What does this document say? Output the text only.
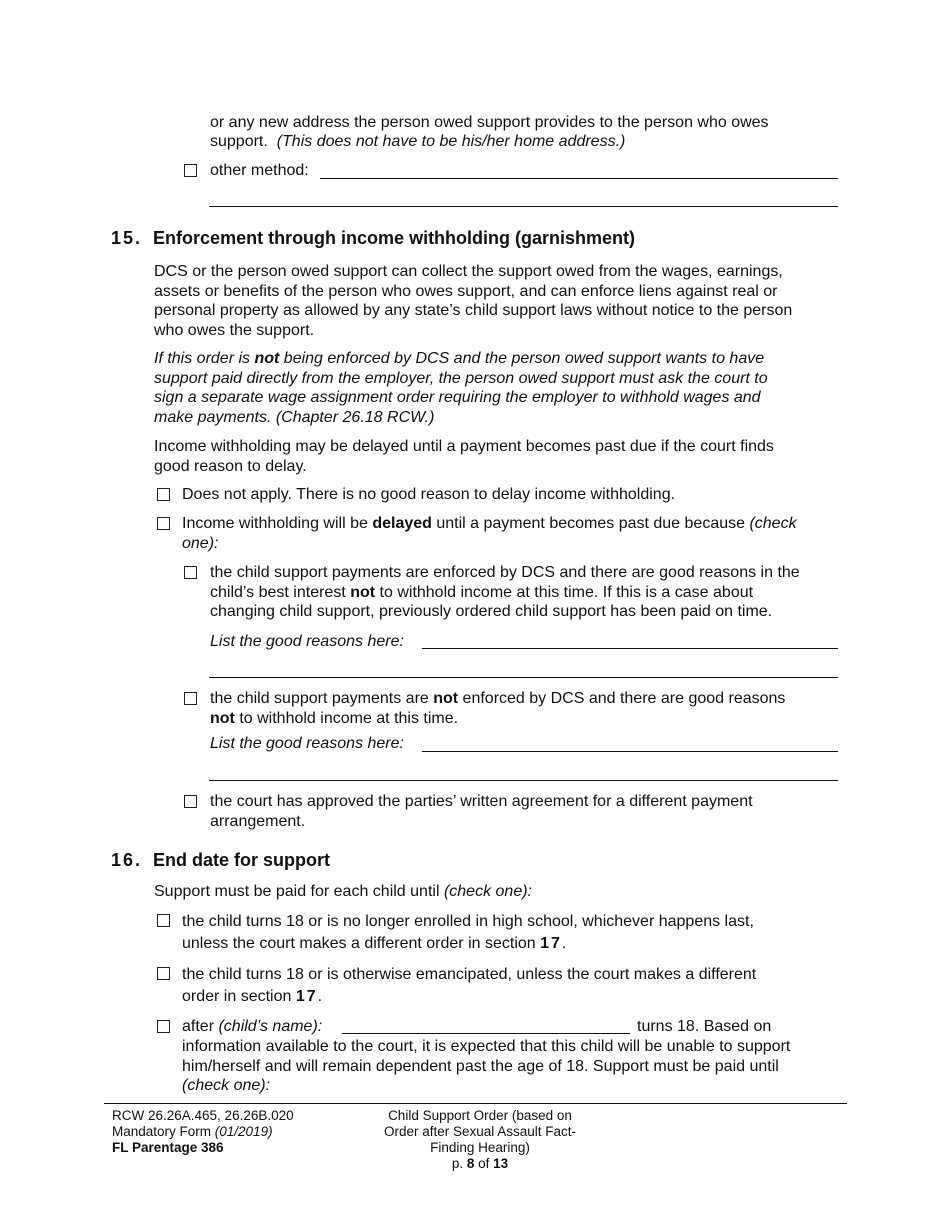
or any new address the person owed support provides to the person who owes
support. (This does not have to be his/her home address.)
other method:
15. Enforcement through income withholding (garnishment)
DCS or the person owed support can collect the support owed from the wages, earnings,
assets or benefits of the person who owes support, and can enforce liens against real or
personal property as allowed by any state’s child support laws without notice to the person
who owes the support.
If this order is not being enforced by DCS and the person owed support wants to have
support paid directly from the employer, the person owed support must ask the court to
sign a separate wage assignment order requiring the employer to withhold wages and
make payments. (Chapter 26.18 RCW.)
Income withholding may be delayed until a payment becomes past due if the court finds
good reason to delay.
Does not apply. There is no good reason to delay income withholding.
Income withholding will be delayed until a payment becomes past due because (check
one):
the child support payments are enforced by DCS and there are good reasons in the
child’s best interest not to withhold income at this time. If this is a case about
changing child support, previously ordered child support has been paid on time.
List the good reasons here:
the child support payments are not enforced by DCS and there are good reasons
not to withhold income at this time.
List the good reasons here:
the court has approved the parties’ written agreement for a different payment
arrangement.
16. End date for support
Support must be paid for each child until (check one):
the child turns 18 or is no longer enrolled in high school, whichever happens last,
unless the court makes a different order in section 17.
the child turns 18 or is otherwise emancipated, unless the court makes a different
order in section 17.
after (child’s name):	turns 18. Based on
information available to the court, it is expected that this child will be unable to support
him/herself and will remain dependent past the age of 18. Support must be paid until
(check one):
RCW 26.26A.465, 26.26B.020
Mandatory Form (01/2019)
FL Parentage 386
Child Support Order (based on
Order after Sexual Assault Fact-
Finding Hearing)
p. 8 of 13
